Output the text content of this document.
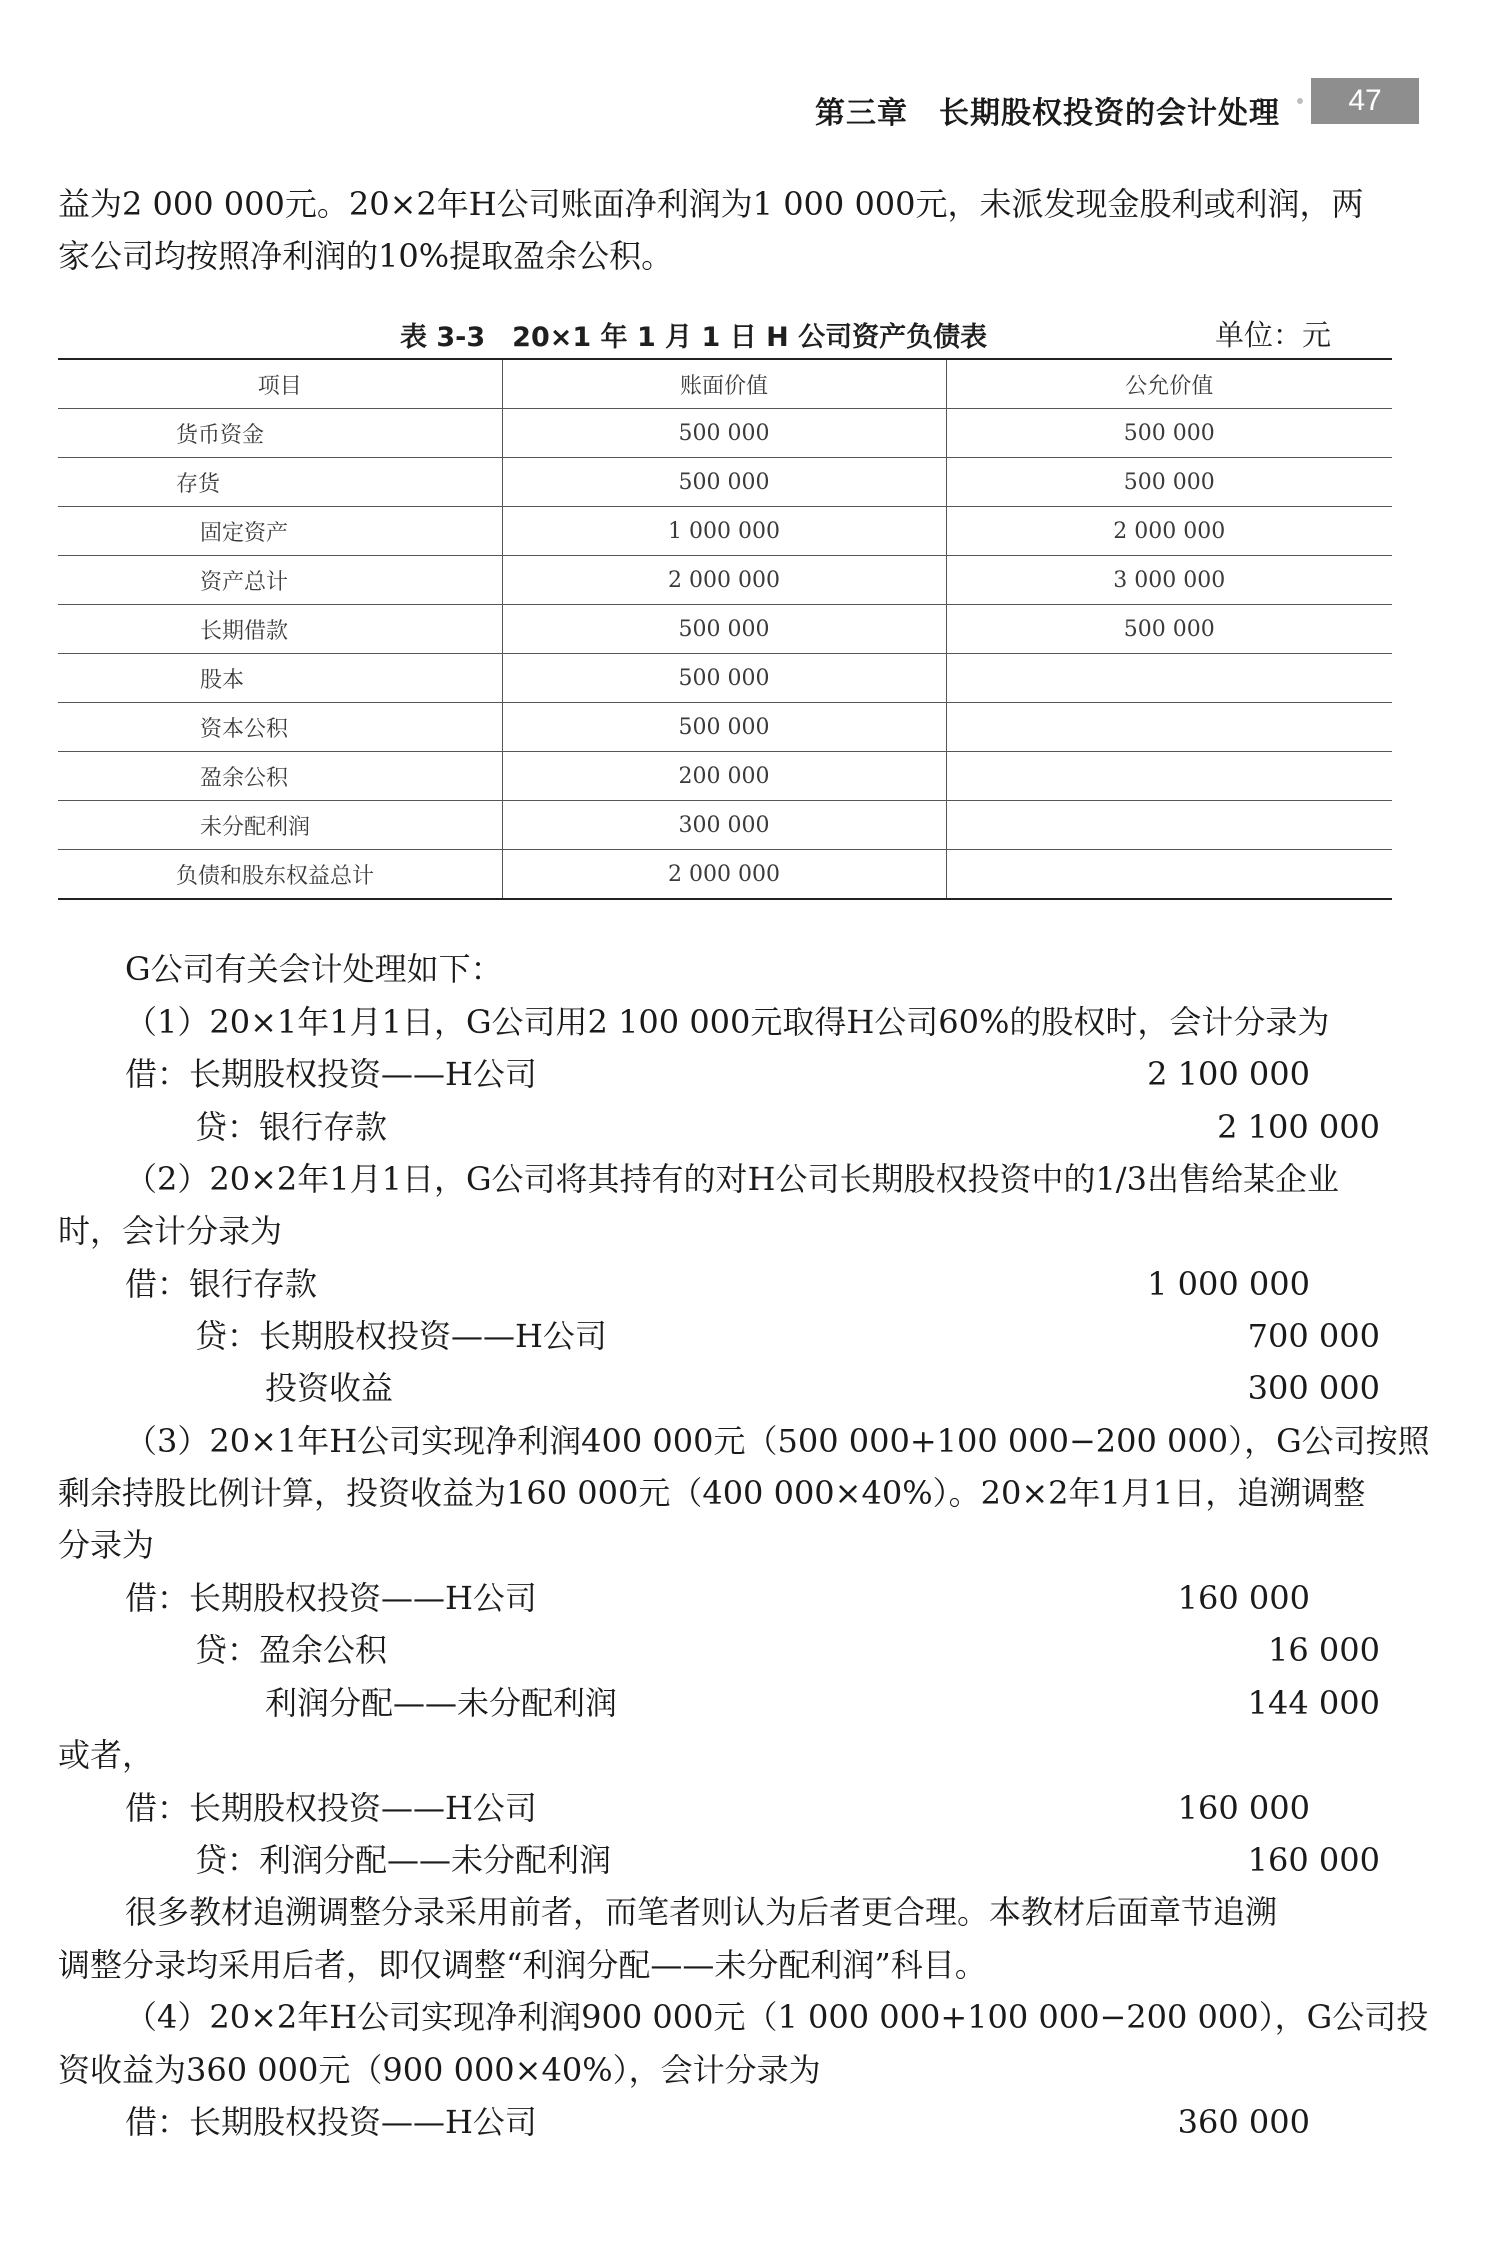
第三章　长期股权投资的会计处理	47
益为2 000 000元。20×2年H公司账面净利润为1 000 000元，未派发现金股利或利润，两
家公司均按照净利润的10%提取盈余公积。
表 3-3　20×1 年 1 月 1 日 H 公司资产负债表	单位：元
项目	账面价值	公允价值
货币资金	500 000	500 000
存货	500 000	500 000
固定资产	1 000 000	2 000 000
资产总计	2 000 000	3 000 000
长期借款	500 000	500 000
股本	500 000	
资本公积	500 000	
盈余公积	200 000	
未分配利润	300 000	
负债和股东权益总计	2 000 000	
G公司有关会计处理如下：
（1）20×1年1月1日，G公司用2 100 000元取得H公司60%的股权时，会计分录为
借：长期股权投资——H公司	2 100 000
贷：银行存款	2 100 000
（2）20×2年1月1日，G公司将其持有的对H公司长期股权投资中的1/3出售给某企业
时，会计分录为
借：银行存款	1 000 000
贷：长期股权投资——H公司	700 000
投资收益	300 000
（3）20×1年H公司实现净利润400 000元（500 000+100 000−200 000），G公司按照
剩余持股比例计算，投资收益为160 000元（400 000×40%）。20×2年1月1日，追溯调整
分录为
借：长期股权投资——H公司	160 000
贷：盈余公积	16 000
利润分配——未分配利润	144 000
或者，
借：长期股权投资——H公司	160 000
贷：利润分配——未分配利润	160 000
很多教材追溯调整分录采用前者，而笔者则认为后者更合理。本教材后面章节追溯
调整分录均采用后者，即仅调整“利润分配——未分配利润”科目。
（4）20×2年H公司实现净利润900 000元（1 000 000+100 000−200 000），G公司投
资收益为360 000元（900 000×40%），会计分录为
借：长期股权投资——H公司	360 000
